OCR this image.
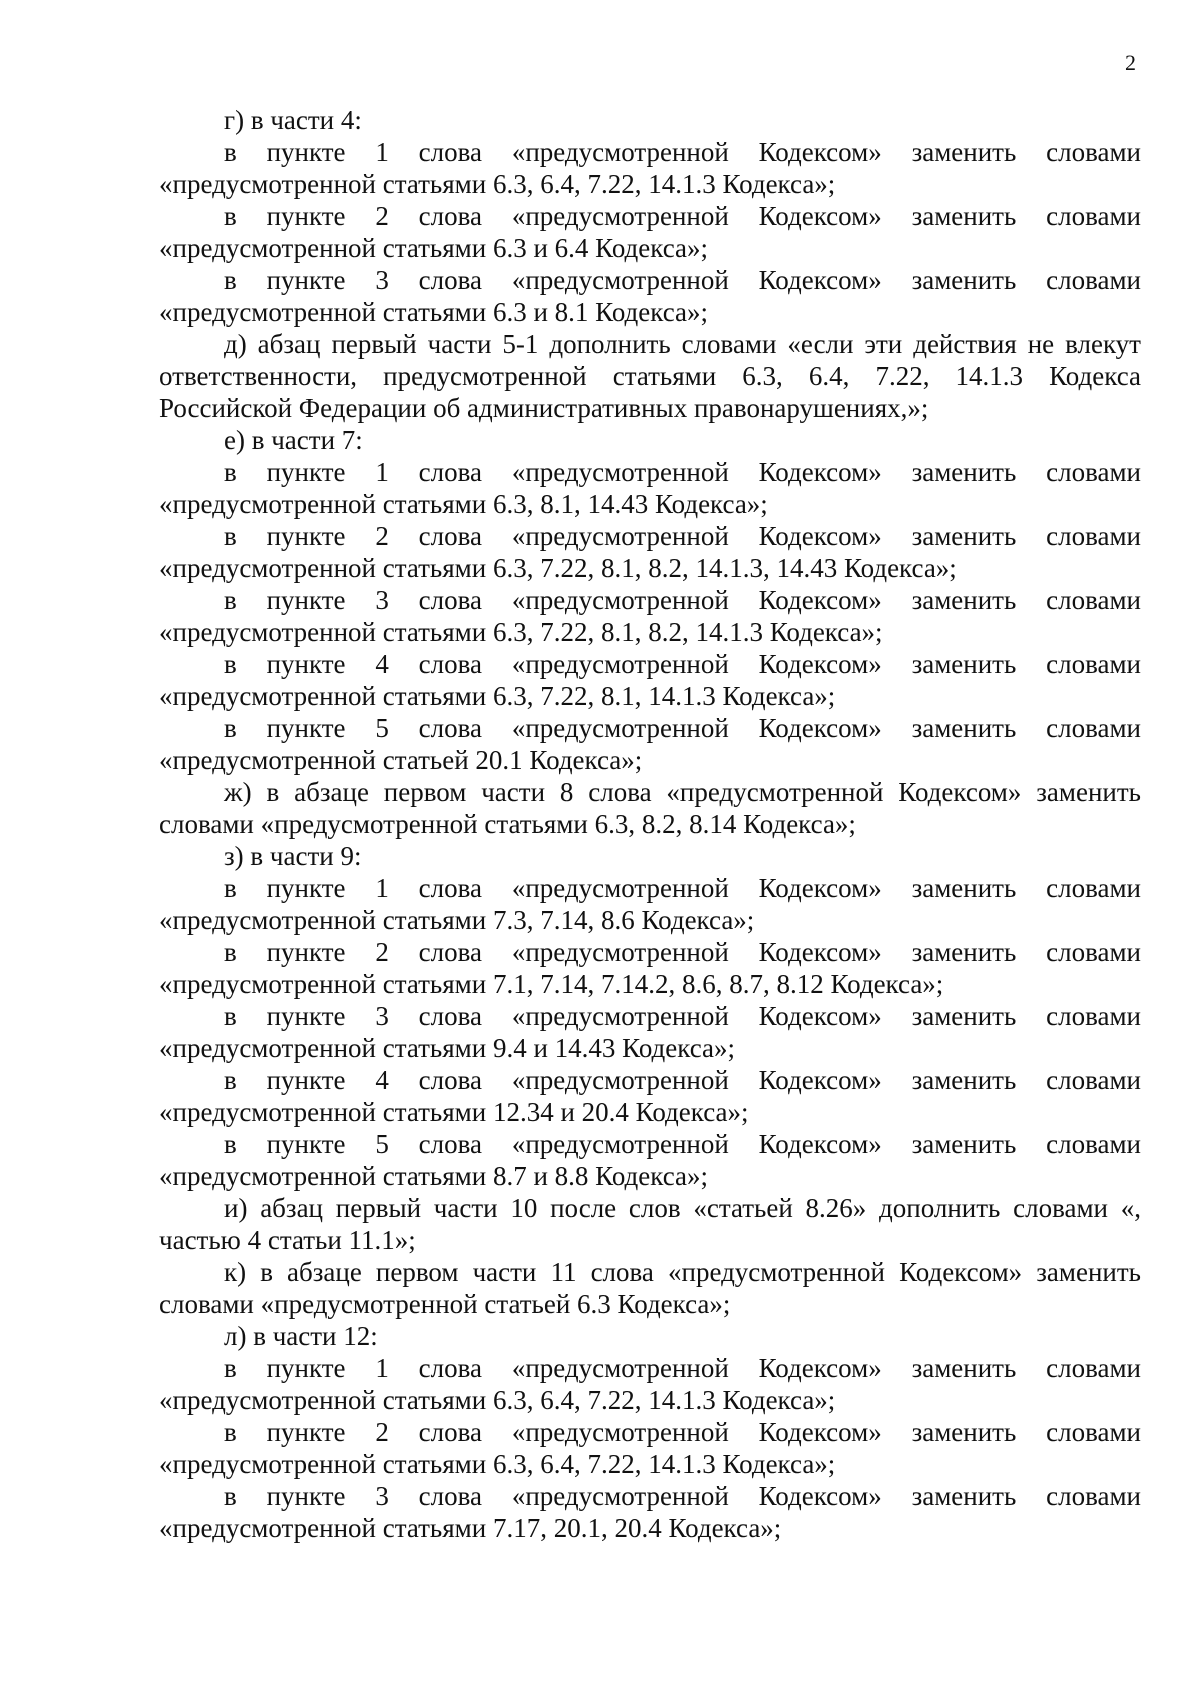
2

г) в части 4:

в пункте 1 слова «предусмотренной Кодексом» заменить словами «предусмотренной статьями 6.3, 6.4, 7.22, 14.1.3 Кодекса»;

в пункте 2 слова «предусмотренной Кодексом» заменить словами «предусмотренной статьями 6.3 и 6.4 Кодекса»;

в пункте 3 слова «предусмотренной Кодексом» заменить словами «предусмотренной статьями 6.3 и 8.1 Кодекса»;

д) абзац первый части 5-1 дополнить словами «если эти действия не влекут ответственности, предусмотренной статьями 6.3, 6.4, 7.22, 14.1.3 Кодекса Российской Федерации об административных правонарушениях,»;

е) в части 7:

в пункте 1 слова «предусмотренной Кодексом» заменить словами «предусмотренной статьями 6.3, 8.1, 14.43 Кодекса»;

в пункте 2 слова «предусмотренной Кодексом» заменить словами «предусмотренной статьями 6.3, 7.22, 8.1, 8.2, 14.1.3, 14.43 Кодекса»;

в пункте 3 слова «предусмотренной Кодексом» заменить словами «предусмотренной статьями 6.3, 7.22, 8.1, 8.2, 14.1.3 Кодекса»;

в пункте 4 слова «предусмотренной Кодексом» заменить словами «предусмотренной статьями 6.3, 7.22, 8.1, 14.1.3 Кодекса»;

в пункте 5 слова «предусмотренной Кодексом» заменить словами «предусмотренной статьей 20.1 Кодекса»;

ж) в абзаце первом части 8 слова «предусмотренной Кодексом» заменить словами «предусмотренной статьями 6.3, 8.2, 8.14 Кодекса»;

з) в части 9:

в пункте 1 слова «предусмотренной Кодексом» заменить словами «предусмотренной статьями 7.3, 7.14, 8.6 Кодекса»;

в пункте 2 слова «предусмотренной Кодексом» заменить словами «предусмотренной статьями 7.1, 7.14, 7.14.2, 8.6, 8.7, 8.12 Кодекса»;

в пункте 3 слова «предусмотренной Кодексом» заменить словами «предусмотренной статьями 9.4 и 14.43 Кодекса»;

в пункте 4 слова «предусмотренной Кодексом» заменить словами «предусмотренной статьями 12.34 и 20.4 Кодекса»;

в пункте 5 слова «предусмотренной Кодексом» заменить словами «предусмотренной статьями 8.7 и 8.8 Кодекса»;

и) абзац первый части 10 после слов «статьей 8.26» дополнить словами «, частью 4 статьи 11.1»;

к) в абзаце первом части 11 слова «предусмотренной Кодексом» заменить словами «предусмотренной статьей 6.3 Кодекса»;

л) в части 12:

в пункте 1 слова «предусмотренной Кодексом» заменить словами «предусмотренной статьями 6.3, 6.4, 7.22, 14.1.3 Кодекса»;

в пункте 2 слова «предусмотренной Кодексом» заменить словами «предусмотренной статьями 6.3, 6.4, 7.22, 14.1.3 Кодекса»;

в пункте 3 слова «предусмотренной Кодексом» заменить словами «предусмотренной статьями 7.17, 20.1, 20.4 Кодекса»;
